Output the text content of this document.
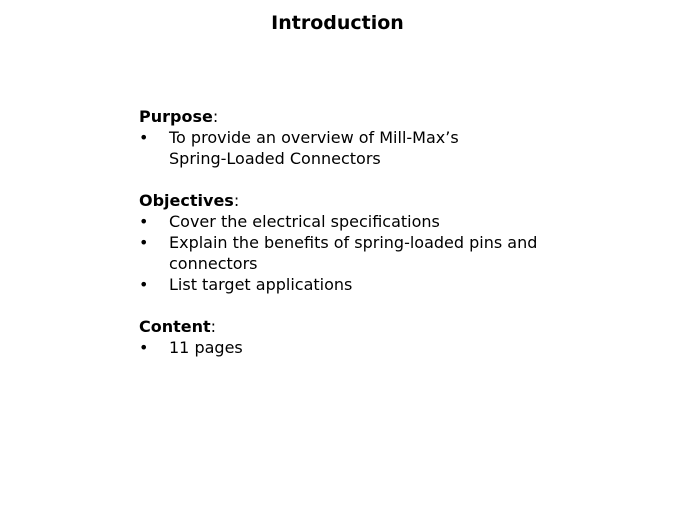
Introduction
Purpose:
• To provide an overview of Mill-Max’s Spring-Loaded Connectors
Objectives:
• Cover the electrical specifications
• Explain the benefits of spring-loaded pins and connectors
• List target applications
Content:
• 11 pages
